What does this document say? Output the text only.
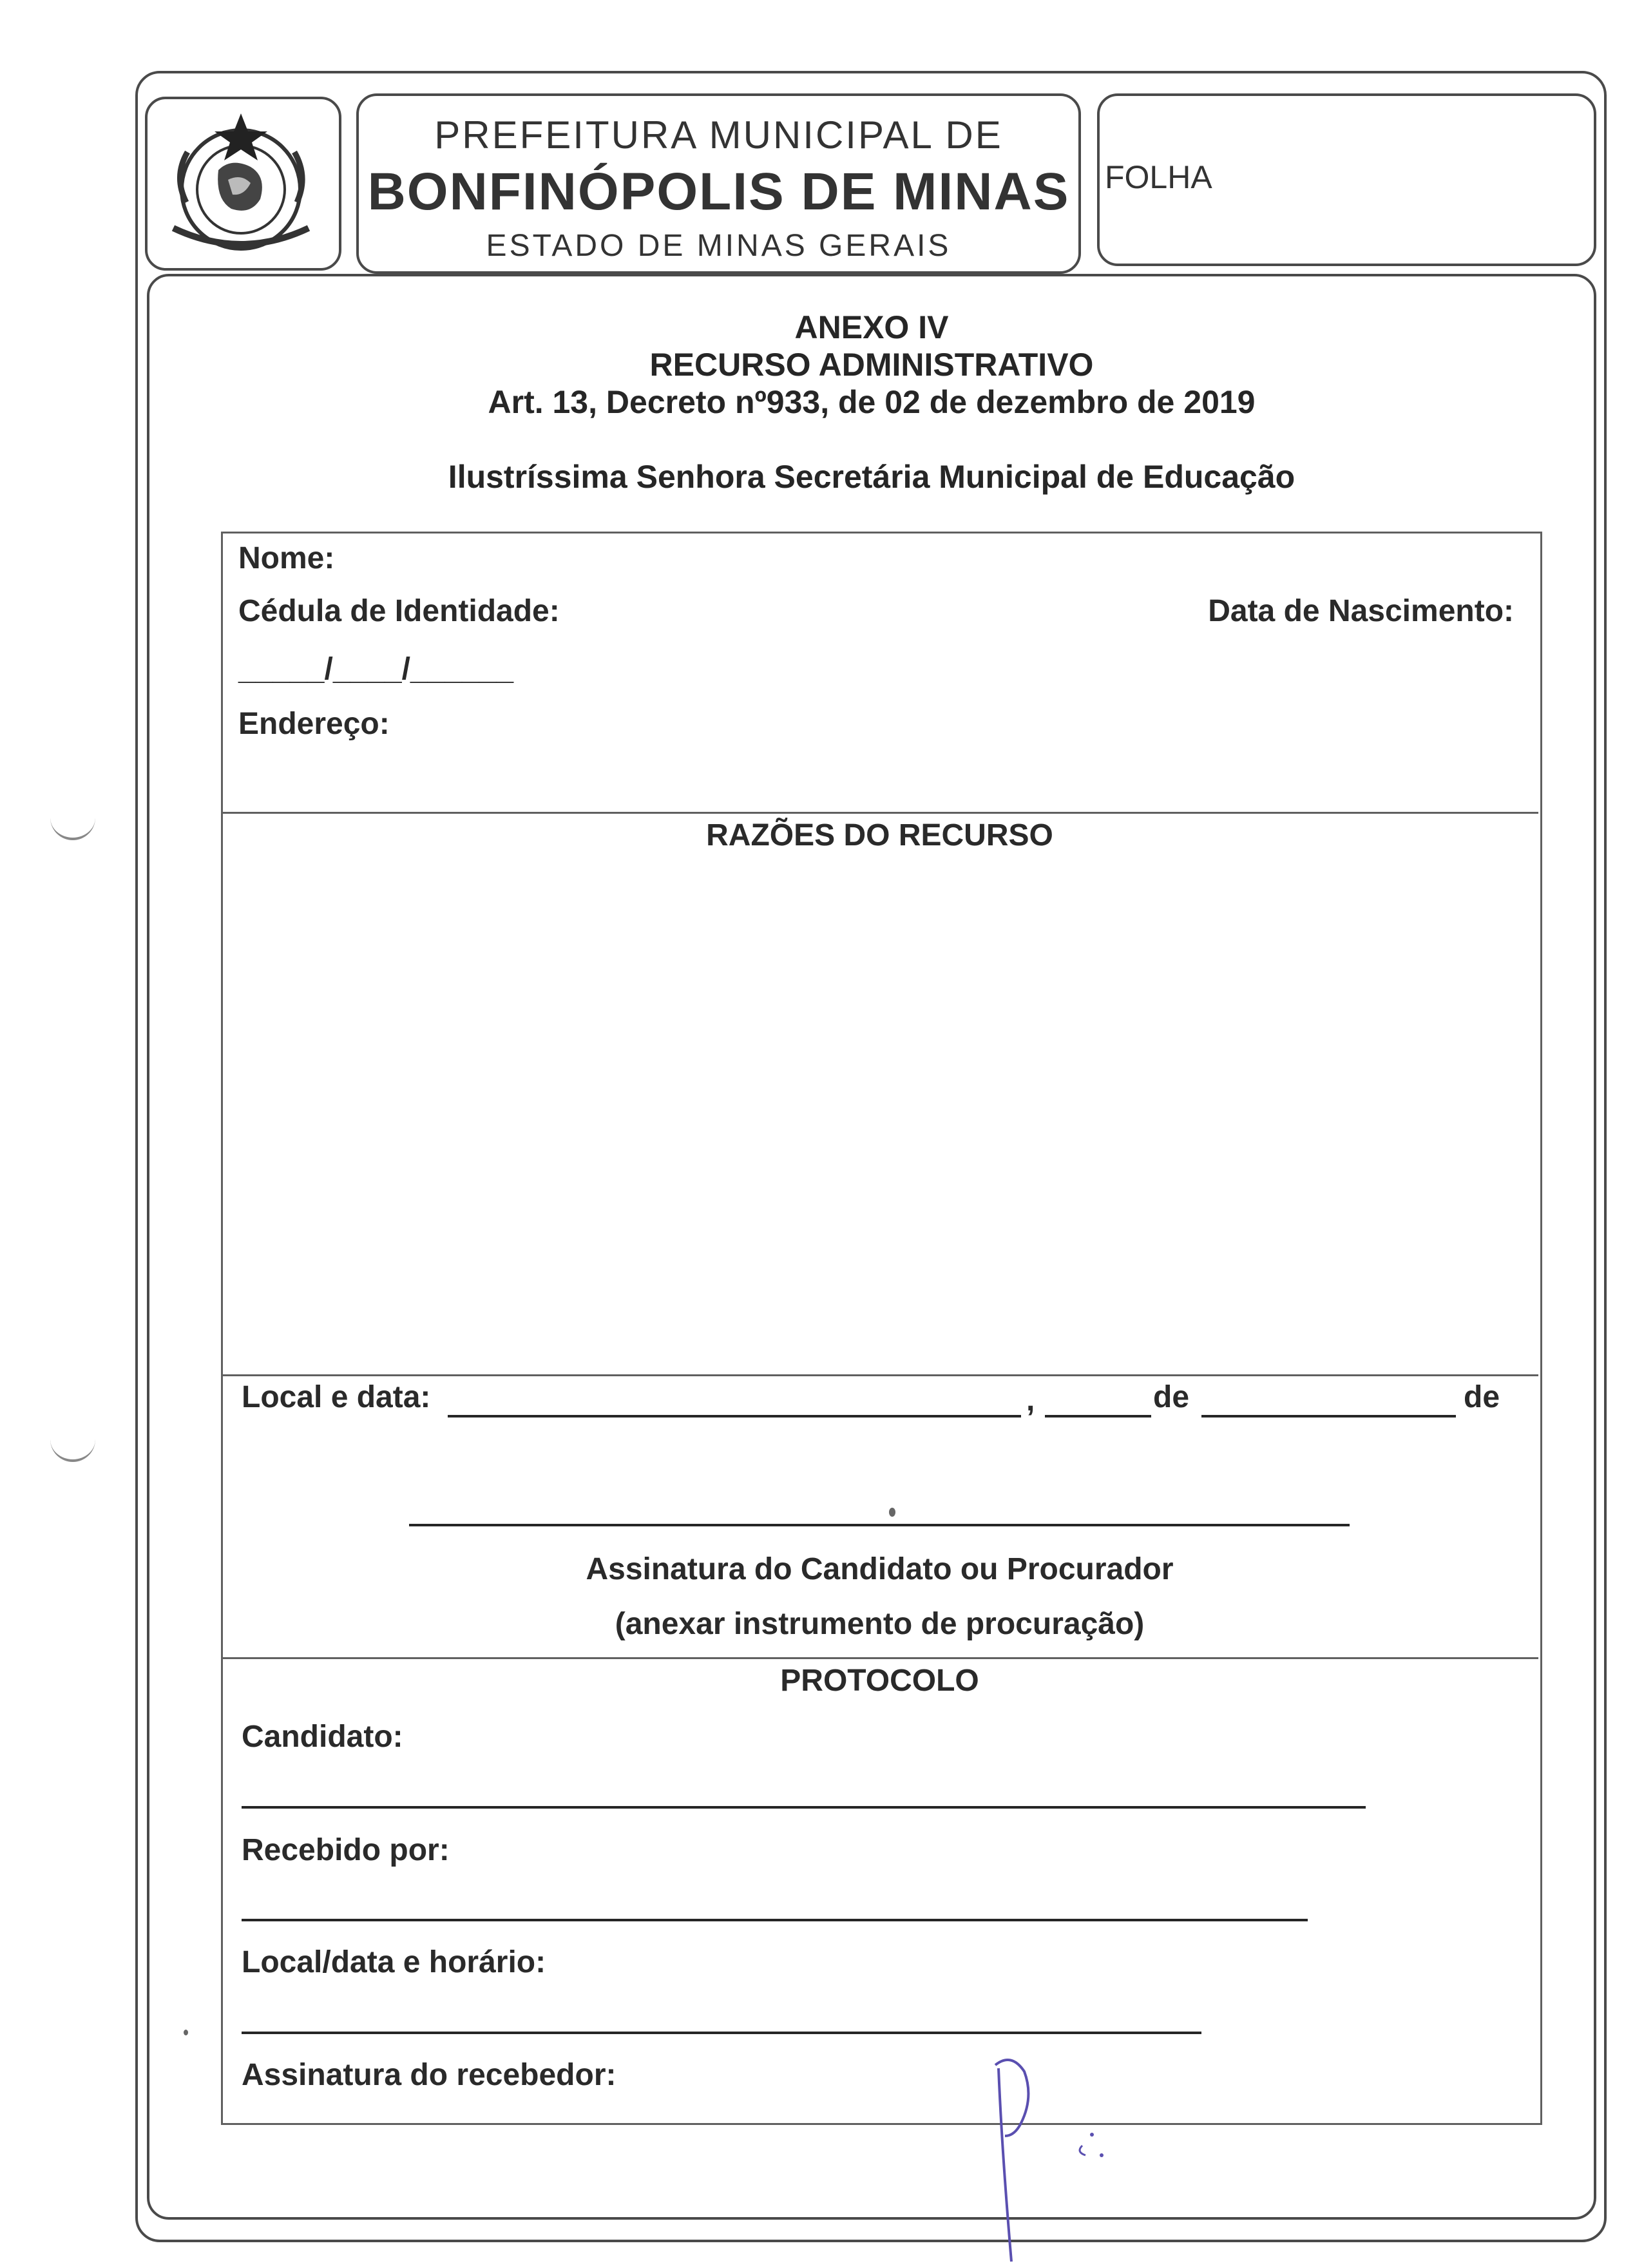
PREFEITURA MUNICIPAL DE
BONFINÓPOLIS DE MINAS
ESTADO DE MINAS GERAIS
FOLHA
ANEXO IV
RECURSO ADMINISTRATIVO
Art. 13, Decreto nº933, de 02 de dezembro de 2019
Ilustríssima Senhora Secretária Municipal de Educação
Nome:
Cédula de Identidade:	Data de Nascimento:
_____/____/______
Endereço:
RAZÕES DO RECURSO
Local e data:	,	de	de
Assinatura do Candidato ou Procurador
(anexar instrumento de procuração)
PROTOCOLO
Candidato:
Recebido por:
Local/data e horário:
Assinatura do recebedor:
